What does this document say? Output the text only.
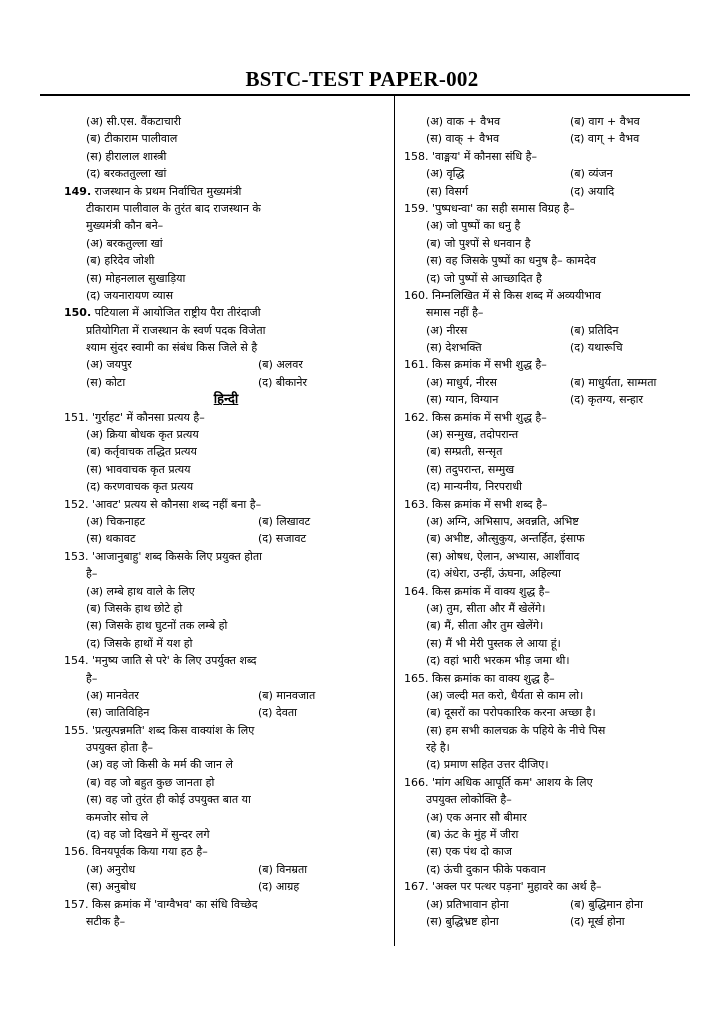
BSTC-TEST PAPER-002
(अ) सी.एस. वैंकटाचारी
(ब) टीकाराम पालीवाल
(स) हीरालाल शास्त्री
(द) बरकततुल्ला खां
149. राजस्थान के प्रथम निर्वाचित मुख्यमंत्री
टीकाराम पालीवाल के तुरंत बाद राजस्थान के
मुख्यमंत्री कौन बने–
(अ) बरकतुल्ला खां
(ब) हरिदेव जोशी
(स) मोहनलाल सुखाड़िया
(द) जयनारायण व्यास
150. पटियाला में आयोजित राष्ट्रीय पैरा तीरंदाजी
प्रतियोगिता में राजस्थान के स्वर्ण पदक विजेता
श्याम सुंदर स्वामी का संबंध किस जिले से है
(अ) जयपुर	(ब) अलवर
(स) कोटा	(द) बीकानेर
हिन्दी
151. 'गुर्राहट' में कौनसा प्रत्यय है–
(अ) क्रिया बोधक कृत प्रत्यय
(ब) कर्तृवाचक तद्धित प्रत्यय
(स) भाववाचक कृत प्रत्यय
(द) करणवाचक कृत प्रत्यय
152. 'आवट' प्रत्यय से कौनसा शब्द नहीं बना है–
(अ) चिकनाहट	(ब) लिखावट
(स) थकावट	(द) सजावट
153. 'आजानुबाहु' शब्द किसके लिए प्रयुक्त होता
है–
(अ) लम्बे हाथ वाले के लिए
(ब) जिसके हाथ छोटे हो
(स) जिसके हाथ घुटनों तक लम्बे हो
(द) जिसके हाथों में यश हो
154. 'मनुष्य जाति से परे' के लिए उपर्युक्त शब्द
है–
(अ) मानवेतर	(ब) मानवजात
(स) जातिविहिन	(द) देवता
155. 'प्रत्युत्पन्नमति' शब्द किस वाक्यांश के लिए
उपयुक्त होता है–
(अ) वह जो किसी के मर्म की जान ले
(ब) वह जो बहुत कुछ जानता हो
(स) वह जो तुरंत ही कोई उपयुक्त बात या
कमजोर सोच ले
(द) वह जो दिखने में सुन्दर लगे
156. विनयपूर्वक किया गया हठ है–
(अ) अनुरोध	(ब) विनम्रता
(स) अनुबोध	(द) आग्रह
157. किस क्रमांक में 'वाग्वैभव' का संधि विच्छेद
सटीक है–
(अ) वाक + वैभव	(ब) वाग + वैभव
(स) वाक् + वैभव	(द) वाग् + वैभव
158. 'वाङ्मय' में कौनसा संधि है–
(अ) वृद्धि	(ब) व्यंजन
(स) विसर्ग	(द) अयादि
159. 'पुष्पधन्वा' का सही समास विग्रह है–
(अ) जो पुष्पों का धनु है
(ब) जो पुश्पों से धनवान है
(स) वह जिसके पुष्पों का धनुष है– कामदेव
(द) जो पुष्पों से आच्छादित है
160. निम्नलिखित में से किस शब्द में अव्ययीभाव
समास नहीं है–
(अ) नीरस	(ब) प्रतिदिन
(स) देशभक्ति	(द) यथारूचि
161. किस क्रमांक में सभी शुद्ध है–
(अ) माधुर्य, नीरस	(ब) माधुर्यता, साम्मता
(स) ग्यान, विग्यान	(द) कृतग्य, सन्हार
162. किस क्रमांक में सभी शुद्ध है–
(अ) सन्मुख, तदोपरान्त
(ब) सम्प्रती, सन्सृत
(स) तदुपरान्त, सम्मुख
(द) मान्यनीय, निरपराधी
163. किस क्रमांक में सभी शब्द है–
(अ) अग्नि, अभिसाप, अवन्नति, अभिष्ट
(ब) अभीष्ट, औत्सुकुय, अन्तर्हित, इंसाफ
(स) ओषध, ऐलान, अभ्यास, आर्शीवाद
(द) अंधेरा, उन्हीं, ऊंघना, अहिल्या
164. किस क्रमांक में वाक्य शुद्ध है–
(अ) तुम, सीता और मैं खेलेंगे।
(ब) मैं, सीता और तुम खेलेंगे।
(स) मैं भी मेरी पुस्तक ले आया हूं।
(द) वहां भारी भरकम भीड़ जमा थी।
165. किस क्रमांक का वाक्य शुद्ध है–
(अ) जल्दी मत करो, धैर्यता से काम लो।
(ब) दूसरों का परोपकारिक करना अच्छा है।
(स) हम सभी कालचक्र के पहिये के नीचे पिस
रहे है।
(द) प्रमाण सहित उत्तर दीजिए।
166. 'मांग अधिक आपूर्ति कम' आशय के लिए
उपयुक्त लोकोक्ति है–
(अ) एक अनार सौ बीमार
(ब) ऊंट के मुंह में जीरा
(स) एक पंथ दो काज
(द) ऊंची दुकान फीके पकवान
167. 'अक्ल पर पत्थर पड़ना' मुहावरे का अर्थ है–
(अ) प्रतिभावान होना	(ब) बुद्धिमान होना
(स) बुद्धिभ्रष्ट होना	(द) मूर्ख होना
